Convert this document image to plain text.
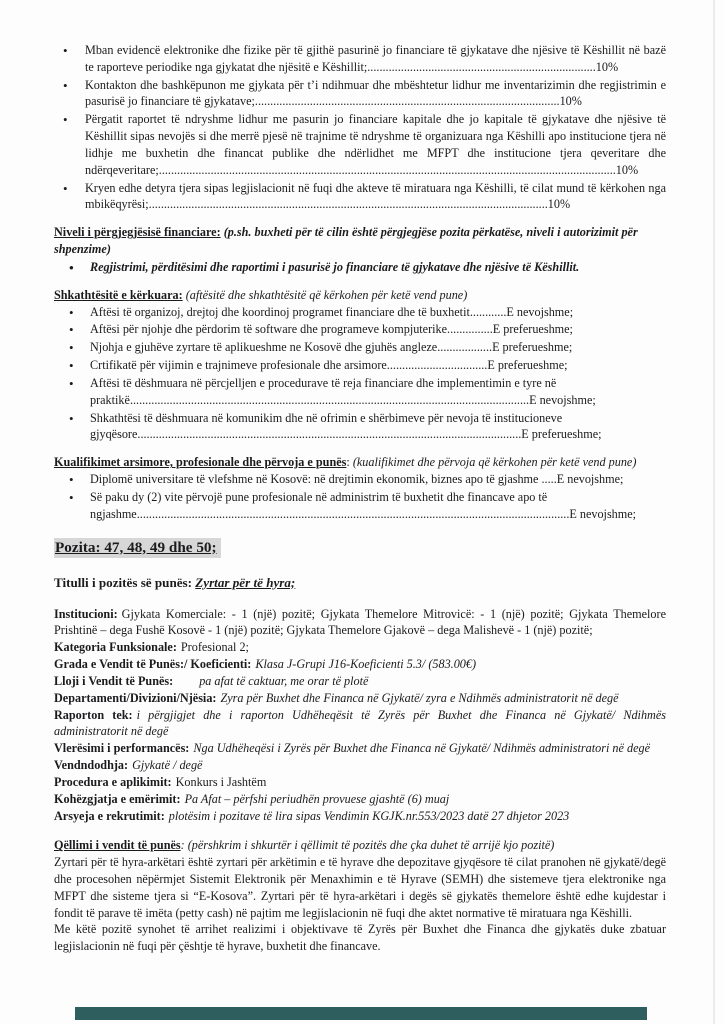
• Mban evidencë elektronike dhe fizike për të gjithë pasurinë jo financiare të gjykatave dhe njësive të Këshillit në bazë te raporteve periodike nga gjykatat dhe njësitë e Këshillit;...........................................................................10%
• Kontakton dhe bashkëpunon me gjykata për t’i ndihmuar dhe mbështetur lidhur me inventarizimin dhe regjistrimin e pasurisë jo financiare të gjykatave;....................................................................................................10%
• Përgatit raportet të ndryshme lidhur me pasurin jo financiare kapitale dhe jo kapitale të gjykatave dhe njësive të Këshillit sipas nevojës si dhe merrë pjesë në trajnime të ndryshme të organizuara nga Këshilli apo institucione tjera në lidhje me buxhetin dhe financat publike dhe ndërlidhet me MFPT dhe institucione tjera qeveritare dhe ndërqeveritare;......................................................................................................................................................10%
• Kryen edhe detyra tjera sipas legjislacionit në fuqi dhe akteve të miratuara nga Këshilli, të cilat mund të kërkohen nga mbikëqyrësi;...................................................................................................................................10%

Niveli i përgjegjësisë financiare: (p.sh. buxheti për të cilin është përgjegjëse pozita përkatëse, niveli i autorizimit për shpenzime)

• Regjistrimi, përditësimi dhe raportimi i pasurisë jo financiare të gjykatave dhe njësive të Këshillit.

Shkathtësitë e kërkuara: (aftësitë dhe shkathtësitë që kërkohen për ketë vend pune)

• Aftësi të organizoj, drejtoj dhe koordinoj programet financiare dhe të buxhetit............E nevojshme;
• Aftësi për njohje dhe përdorim të software dhe programeve kompjuterike...............E preferueshme;
• Njohja e gjuhëve zyrtare të aplikueshme ne Kosovë dhe gjuhës angleze..................E preferueshme;
• Crtifikatë për vijimin e trajnimeve profesionale dhe arsimore.................................E preferueshme;
• Aftësi të dëshmuara në përcjelljen e procedurave të reja financiare dhe implementimin e tyre në praktikë...................................................................................................................................E nevojshme;
• Shkathtësi të dëshmuara në komunikim dhe në ofrimin e shërbimeve për nevoja të institucioneve gjyqësore..............................................................................................................................E preferueshme;

Kualifikimet arsimore, profesionale dhe përvoja e punës: (kualifikimet dhe përvoja që kërkohen për ketë vend pune)

• Diplomë universitare të vlefshme në Kosovë: në drejtimin ekonomik, biznes apo të gjashme .....E nevojshme;
• Së paku dy (2) vite përvojë pune profesionale në administrim të buxhetit dhe financave apo të ngjashme..............................................................................................................................................E nevojshme;

Pozita: 47, 48, 49 dhe 50;

Titulli i pozitës së punës: Zyrtar për të hyra;

Institucioni: Gjykata Komerciale: - 1 (një) pozitë; Gjykata Themelore Mitrovicë: - 1 (një) pozitë; Gjykata Themelore Prishtinë – dega Fushë Kosovë - 1 (një) pozitë; Gjykata Themelore Gjakovë – dega Malishevë - 1 (një) pozitë;

Kategoria Funksionale: Profesional 2;

Grada e Vendit të Punës:/ Koeficienti: Klasa J-Grupi J16-Koeficienti 5.3/ (583.00€)

Lloji i Vendit të Punës: pa afat të caktuar, me orar të plotë

Departamenti/Divizioni/Njësia: Zyra për Buxhet dhe Financa në Gjykatë/ zyra e Ndihmës administratorit në degë

Raporton tek: i përgjigjet dhe i raporton Udhëheqësit të Zyrës për Buxhet dhe Financa në Gjykatë/ Ndihmës administratorit në degë

Vlerësimi i performancës: Nga Udhëheqësi i Zyrës për Buxhet dhe Financa në Gjykatë/ Ndihmës administratori në degë

Vendndodhja: Gjykatë / degë

Procedura e aplikimit: Konkurs i Jashtëm

Kohëzgjatja e emërimit: Pa Afat – përfshi periudhën provuese gjashtë (6) muaj

Arsyeja e rekrutimit: plotësim i pozitave të lira sipas Vendimin KGJK.nr.553/2023 datë 27 dhjetor 2023

Qëllimi i vendit të punës: (përshkrim i shkurtër i qëllimit të pozitës dhe çka duhet të arrijë kjo pozitë)

Zyrtari për të hyra-arkëtari është zyrtari për arkëtimin e të hyrave dhe depozitave gjyqësore të cilat pranohen në gjykatë/degë dhe procesohen nëpërmjet Sistemit Elektronik për Menaxhimin e të Hyrave (SEMH) dhe sistemeve tjera elektronike nga MFPT dhe sisteme tjera si “E-Kosova”. Zyrtari për të hyra-arkëtari i degës së gjykatës themelore është edhe kujdestar i fondit të parave të imëta (petty cash) në pajtim me legjislacionin në fuqi dhe aktet normative të miratuara nga Këshilli.

Me këtë pozitë synohet të arrihet realizimi i objektivave të Zyrës për Buxhet dhe Financa dhe gjykatës duke zbatuar legjislacionin në fuqi për çështje të hyrave, buxhetit dhe financave.
